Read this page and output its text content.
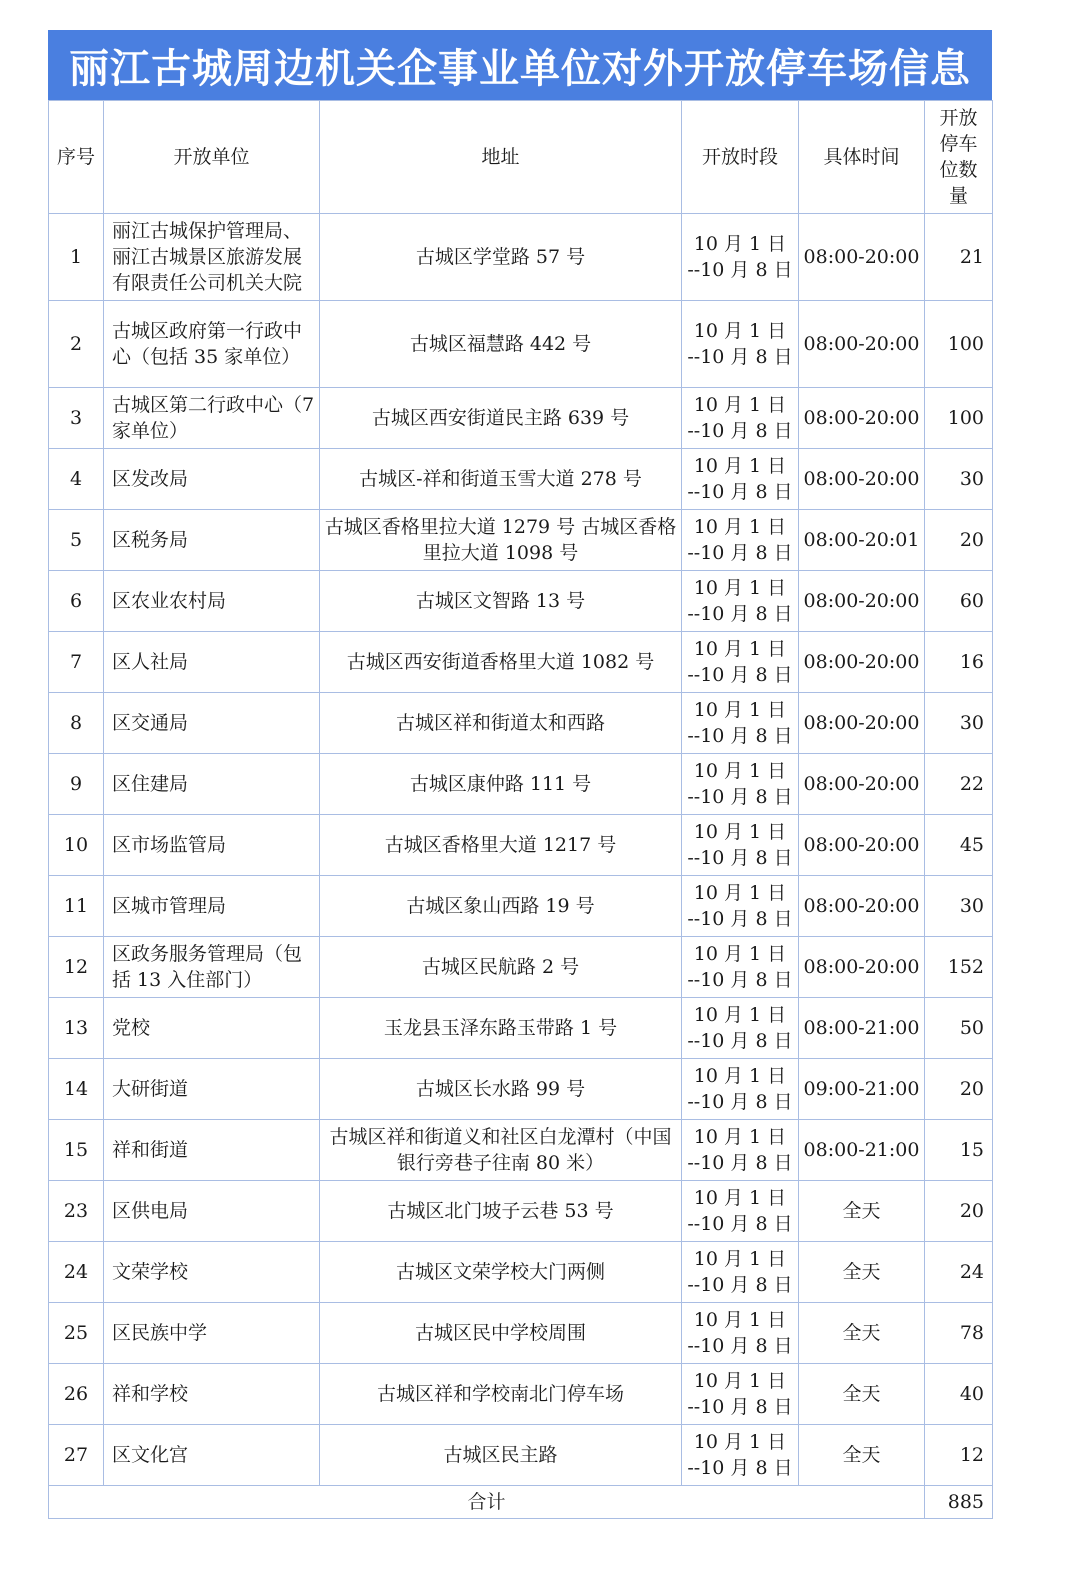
丽江古城周边机关企事业单位对外开放停车场信息
序号	开放单位	地址	开放时段	具体时间	开放停车位数量
1	丽江古城保护管理局、丽江古城景区旅游发展有限责任公司机关大院	古城区学堂路 57 号	10 月 1 日
--10 月 8 日	08:00-20:00	21
2	古城区政府第一行政中心（包括 35 家单位）	古城区福慧路 442 号	10 月 1 日
--10 月 8 日	08:00-20:00	100
3	古城区第二行政中心（7 家单位）	古城区西安街道民主路 639 号	10 月 1 日
--10 月 8 日	08:00-20:00	100
4	区发改局	古城区-祥和街道玉雪大道 278 号	10 月 1 日
--10 月 8 日	08:00-20:00	30
5	区税务局	古城区香格里拉大道 1279 号 古城区香格里拉大道 1098 号	10 月 1 日
--10 月 8 日	08:00-20:01	20
6	区农业农村局	古城区文智路 13 号	10 月 1 日
--10 月 8 日	08:00-20:00	60
7	区人社局	古城区西安街道香格里大道 1082 号	10 月 1 日
--10 月 8 日	08:00-20:00	16
8	区交通局	古城区祥和街道太和西路	10 月 1 日
--10 月 8 日	08:00-20:00	30
9	区住建局	古城区康仲路 111 号	10 月 1 日
--10 月 8 日	08:00-20:00	22
10	区市场监管局	古城区香格里大道 1217 号	10 月 1 日
--10 月 8 日	08:00-20:00	45
11	区城市管理局	古城区象山西路 19 号	10 月 1 日
--10 月 8 日	08:00-20:00	30
12	区政务服务管理局（包括 13 入住部门）	古城区民航路 2 号	10 月 1 日
--10 月 8 日	08:00-20:00	152
13	党校	玉龙县玉泽东路玉带路 1 号	10 月 1 日
--10 月 8 日	08:00-21:00	50
14	大研街道	古城区长水路 99 号	10 月 1 日
--10 月 8 日	09:00-21:00	20
15	祥和街道	古城区祥和街道义和社区白龙潭村（中国银行旁巷子往南 80 米）	10 月 1 日
--10 月 8 日	08:00-21:00	15
23	区供电局	古城区北门坡子云巷 53 号	10 月 1 日
--10 月 8 日	全天	20
24	文荣学校	古城区文荣学校大门两侧	10 月 1 日
--10 月 8 日	全天	24
25	区民族中学	古城区民中学校周围	10 月 1 日
--10 月 8 日	全天	78
26	祥和学校	古城区祥和学校南北门停车场	10 月 1 日
--10 月 8 日	全天	40
27	区文化宫	古城区民主路	10 月 1 日
--10 月 8 日	全天	12
合计					885
